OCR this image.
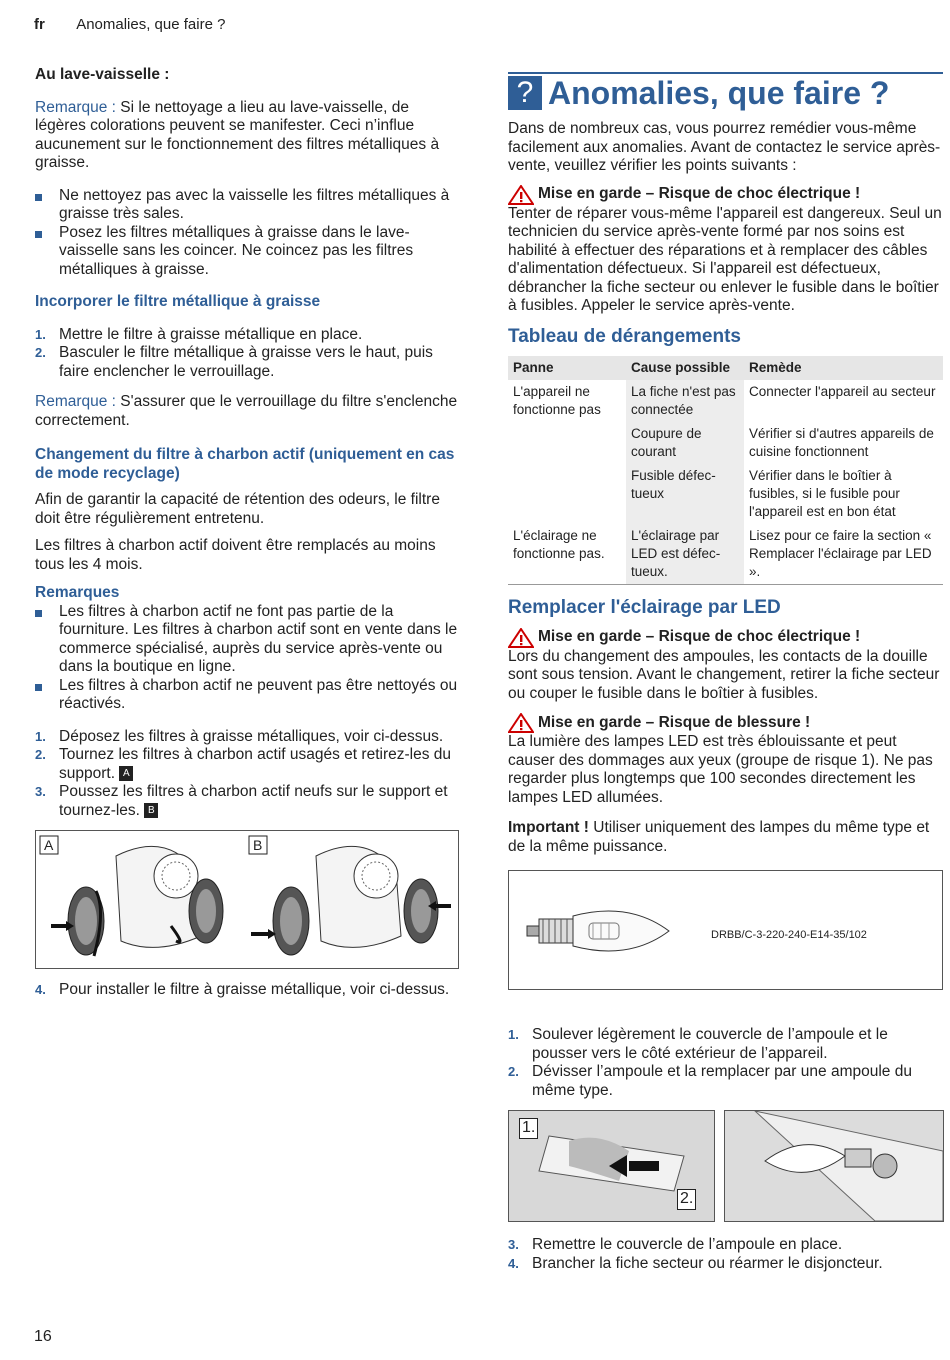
fr Anomalies, que faire ?

Au lave-vaisselle :

Remarque : Si le nettoyage a lieu au lave-vaisselle, de légères colorations peuvent se manifester. Ceci n’influe aucunement sur le fonctionnement des filtres métalliques à graisse.

Ne nettoyez pas avec la vaisselle les filtres métalliques à graisse très sales.
Posez les filtres métalliques à graisse dans le lave-vaisselle sans les coincer. Ne coincez pas les filtres métalliques à graisse.
Incorporer le filtre métallique à graisse
1. Mettre le filtre à graisse métallique en place.
2. Basculer le filtre métallique à graisse vers le haut, puis faire enclencher le verrouillage.

Remarque : S'assurer que le verrouillage du filtre s'enclenche correctement.

Changement du filtre à charbon actif (uniquement en cas de mode recyclage)

Afin de garantir la capacité de rétention des odeurs, le filtre doit être régulièrement entretenu.

Les filtres à charbon actif doivent être remplacés au moins tous les 4 mois.

Remarques
Les filtres à charbon actif ne font pas partie de la fourniture. Les filtres à charbon actif sont en vente dans le commerce spécialisé, auprès du service après-vente ou dans la boutique en ligne.
Les filtres à charbon actif ne peuvent pas être nettoyés ou réactivés.
1. Déposez les filtres à graisse métalliques, voir ci-dessus.
2. Tournez les filtres à charbon actif usagés et retirez-les du support. A
3. Poussez les filtres à charbon actif neufs sur le support et tournez-les. B
A	B
4. Pour installer le filtre à graisse métallique, voir ci-dessus.
? Anomalies, que faire ?

Dans de nombreux cas, vous pourrez remédier vous-même facilement aux anomalies. Avant de contactez le service après-vente, veuillez vérifier les points suivants :

Mise en garde – Risque de choc électrique !

Tenter de réparer vous-même l'appareil est dangereux. Seul un technicien du service après-vente formé par nos soins est habilité à effectuer des réparations et à remplacer des câbles d'alimentation défectueux. Si l'appareil est défectueux, débrancher la fiche secteur ou enlever le fusible dans le boîtier à fusibles. Appeler le service après-vente.

Tableau de dérangements
Panne	Cause possible	Remède
L'appareil ne fonctionne pas	La fiche n'est pas connectée	Connecter l'appareil au secteur
	Coupure de courant	Vérifier si d'autres appareils de cuisine fonctionnent
	Fusible défec-tueux	Vérifier dans le boîtier à fusibles, si le fusible pour l'appareil est en bon état
L'éclairage ne fonctionne pas.	L'éclairage par LED est défec-tueux.	Lisez pour ce faire la section « Remplacer l'éclairage par LED ».
Remplacer l'éclairage par LED
Mise en garde – Risque de choc électrique !

Lors du changement des ampoules, les contacts de la douille sont sous tension. Avant le changement, retirer la fiche secteur ou couper le fusible dans le boîtier à fusibles.

Mise en garde – Risque de blessure !

La lumière des lampes LED est très éblouissante et peut causer des dommages aux yeux (groupe de risque 1). Ne pas regarder plus longtemps que 100 secondes directement les lampes LED allumées.

Important ! Utiliser uniquement des lampes du même type et de la même puissance.

DRBB/C-3-220-240-E14-35/102
1. Soulever légèrement le couvercle de l’ampoule et le pousser vers le côté extérieur de l’appareil.
2. Dévisser l’ampoule et la remplacer par une ampoule du même type.
1.
2.
3. Remettre le couvercle de l’ampoule en place.
4. Brancher la fiche secteur ou réarmer le disjoncteur.
16
